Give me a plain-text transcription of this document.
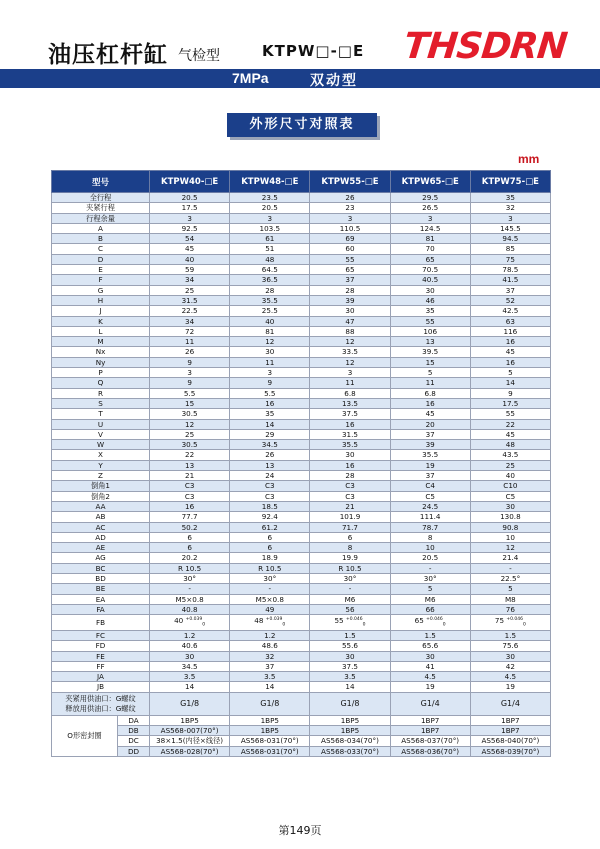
油压杠杆缸 气检型	KTPW□-□E THSDRN
7MPa	双动型
外形尺寸对照表
mm
型号		KTPW40-□E	KTPW48-□E	KTPW55-□E	KTPW65-□E	KTPW75-□E
全行程		20.5	23.5	26	29.5	35
夹紧行程		17.5	20.5	23	26.5	32
行程余量		3	3	3	3	3
A		92.5	103.5	110.5	124.5	145.5
B		54	61	69	81	94.5
C		45	51	60	70	85
D		40	48	55	65	75
E		59	64.5	65	70.5	78.5
F		34	36.5	37	40.5	41.5
G		25	28	28	30	37
H		31.5	35.5	39	46	52
J		22.5	25.5	30	35	42.5
K		34	40	47	55	63
L		72	81	88	106	116
M		11	12	12	13	16
Nx		26	30	33.5	39.5	45
Ny		9	11	12	15	16
P		3	3	3	5	5
Q		9	9	11	11	14
R		5.5	5.5	6.8	6.8	9
S		15	16	13.5	16	17.5
T		30.5	35	37.5	45	55
U		12	14	16	20	22
V		25	29	31.5	37	45
W		30.5	34.5	35.5	39	48
X		22	26	30	35.5	43.5
Y		13	13	16	19	25
Z		21	24	28	37	40
倒角1		C3	C3	C3	C4	C10
倒角2		C3	C3	C3	C5	C5
AA		16	18.5	21	24.5	30
AB		77.7	92.4	101.9	111.4	130.8
AC		50.2	61.2	71.7	78.7	90.8
AD		6	6	6	8	10
AE		6	6	8	10	12
AG		20.2	18.9	19.9	20.5	21.4
BC		R 10.5	R 10.5	R 10.5	-	-
BD		30°	30°	30°	30°	22.5°
BE		-	-	-	5	5
EA		M5×0.8	M5×0.8	M6	M6	M8
FA		40.8	49	56	66	76
FB		40 $^{+0.039}_0$	48 $^{+0.039}_0$	55 $^{+0.046}_0$	65 $^{+0.046}_0$	75 $^{+0.046}_0$
FC		1.2	1.2	1.5	1.5	1.5
FD		40.6	48.6	55.6	65.6	75.6
FE		30	32	30	30	30
FF		34.5	37	37.5	41	42
JA		3.5	3.5	3.5	4.5	4.5
JB		14	14	14	19	19

夹紧用供油口：G螺纹
释放用供油口：G螺纹		G1/8	G1/8	G1/8	G1/4	G1/4
O形密封圈	DA	1BP5	1BP5	1BP5	1BP7	1BP7
	DB	AS568-007(70°)	1BP5	1BP5	1BP7	1BP7
	DC	38×1.5(内径×线径)	AS568-031(70°)	AS568-034(70°)	AS568-037(70°)	AS568-040(70°)
	DD	AS568-028(70°)	AS568-031(70°)	AS568-033(70°)	AS568-036(70°)	AS568-039(70°)
第149页
